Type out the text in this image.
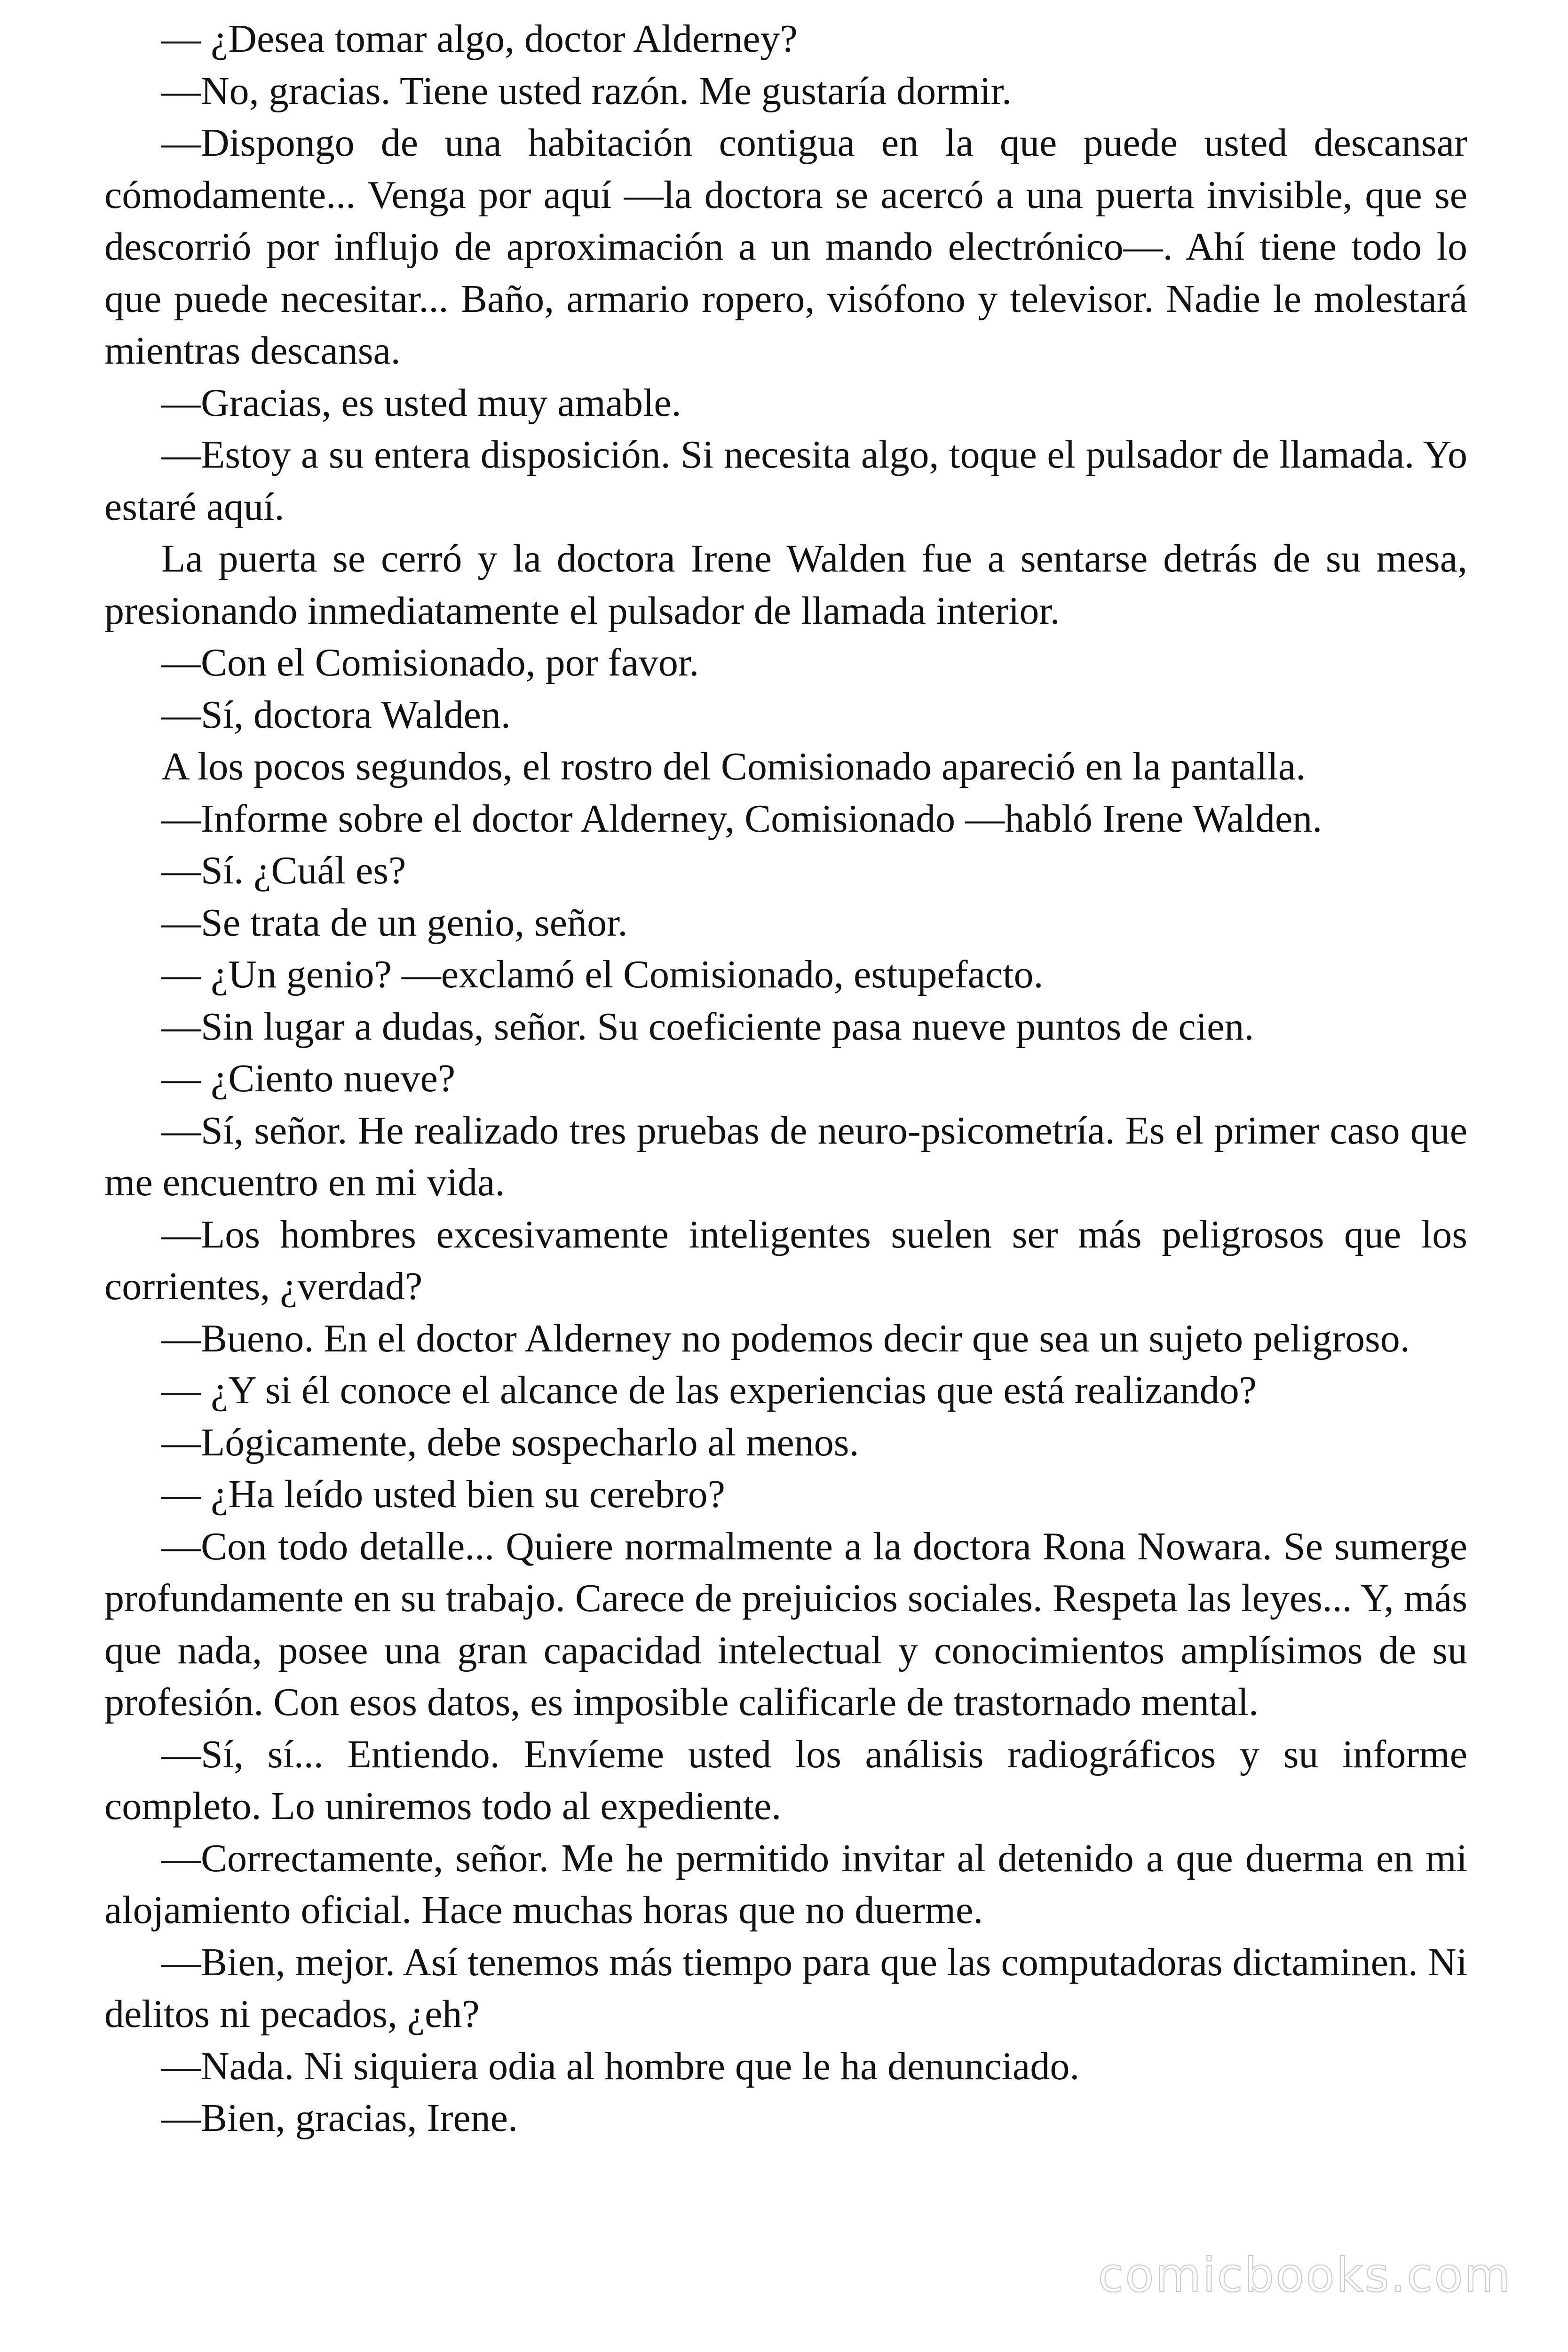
— ¿Desea tomar algo, doctor Alderney?

—No, gracias. Tiene usted razón. Me gustaría dormir.

—Dispongo de una habitación contigua en la que puede usted descansar cómodamente... Venga por aquí —la doctora se acercó a una puerta invisible, que se descorrió por influjo de aproximación a un mando electrónico—. Ahí tiene todo lo que puede necesitar... Baño, armario ropero, visófono y televisor. Nadie le molestará mientras descansa.

—Gracias, es usted muy amable.

—Estoy a su entera disposición. Si necesita algo, toque el pulsador de llamada. Yo estaré aquí.

La puerta se cerró y la doctora Irene Walden fue a sentarse detrás de su mesa, presionando inmediatamente el pulsador de llamada interior.

—Con el Comisionado, por favor.

—Sí, doctora Walden.

A los pocos segundos, el rostro del Comisionado apareció en la pantalla.

—Informe sobre el doctor Alderney, Comisionado —habló Irene Walden.

—Sí. ¿Cuál es?

—Se trata de un genio, señor.

— ¿Un genio? —exclamó el Comisionado, estupefacto.

—Sin lugar a dudas, señor. Su coeficiente pasa nueve puntos de cien.

— ¿Ciento nueve?

—Sí, señor. He realizado tres pruebas de neuro-psicometría. Es el primer caso que me encuentro en mi vida.

—Los hombres excesivamente inteligentes suelen ser más peligrosos que los corrientes, ¿verdad?

—Bueno. En el doctor Alderney no podemos decir que sea un sujeto peligroso.

— ¿Y si él conoce el alcance de las experiencias que está realizando?

—Lógicamente, debe sospecharlo al menos.

— ¿Ha leído usted bien su cerebro?

—Con todo detalle... Quiere normalmente a la doctora Rona Nowara. Se sumerge profundamente en su trabajo. Carece de prejuicios sociales. Respeta las leyes... Y, más que nada, posee una gran capacidad intelectual y conocimientos amplísimos de su profesión. Con esos datos, es imposible calificarle de trastornado mental.

—Sí, sí... Entiendo. Envíeme usted los análisis radiográficos y su informe completo. Lo uniremos todo al expediente.

—Correctamente, señor. Me he permitido invitar al detenido a que duerma en mi alojamiento oficial. Hace muchas horas que no duerme.

—Bien, mejor. Así tenemos más tiempo para que las computadoras dictaminen. Ni delitos ni pecados, ¿eh?

—Nada. Ni siquiera odia al hombre que le ha denunciado.

—Bien, gracias, Irene.

comicbooks.com
